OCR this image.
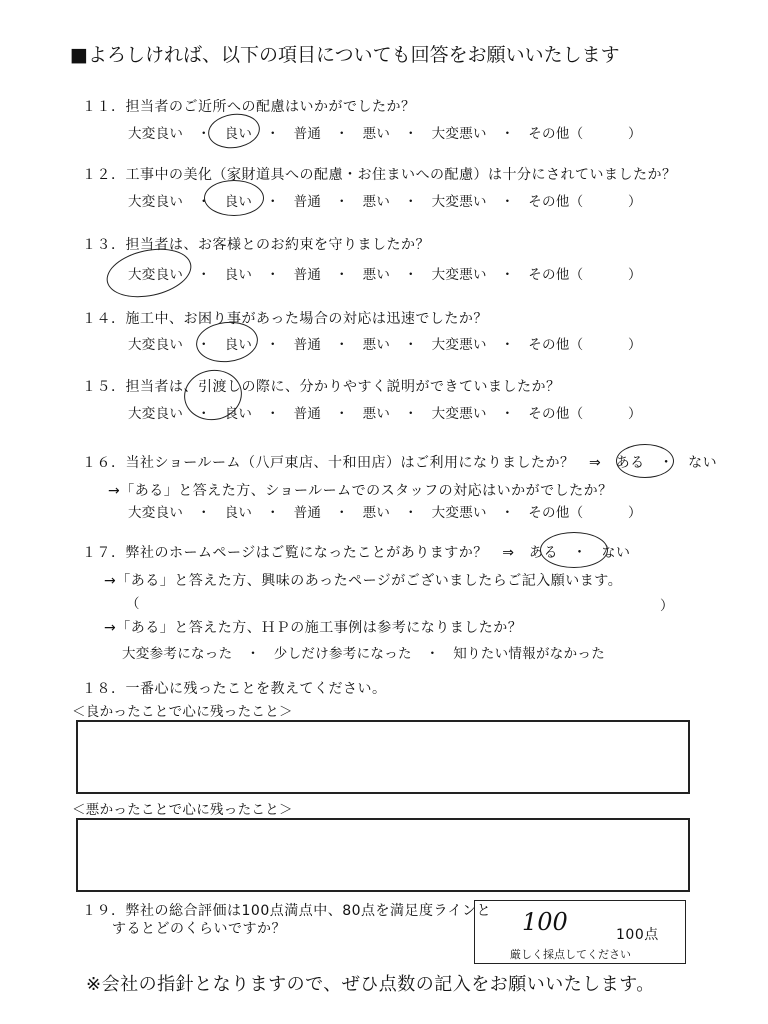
■よろしければ、以下の項目についても回答をお願いいたします
１１．担当者のご近所への配慮はいかがでしたか？
大変良い　・　良い　・　普通　・　悪い　・　大変悪い　・　その他（	）
１２．工事中の美化（家財道具への配慮・お住まいへの配慮）は十分にされていましたか？
大変良い　・　良い　・　普通　・　悪い　・　大変悪い　・　その他（	）
１３．担当者は、お客様とのお約束を守りましたか？
大変良い　・　良い　・　普通　・　悪い　・　大変悪い　・　その他（	）
１４．施工中、お困り事があった場合の対応は迅速でしたか？
大変良い　・　良い　・　普通　・　悪い　・　大変悪い　・　その他（	）
１５．担当者は、引渡しの際に、分かりやすく説明ができていましたか？
大変良い　・　良い　・　普通　・　悪い　・　大変悪い　・　その他（	）
１６．当社ショールーム（八戸東店、十和田店）はご利用になりましたか？　⇒　ある　・　ない
→「ある」と答えた方、ショールームでのスタッフの対応はいかがでしたか？
大変良い　・　良い　・　普通　・　悪い　・　大変悪い　・　その他（	）
１７．弊社のホームページはご覧になったことがありますか？　⇒　ある　・　ない
→「ある」と答えた方、興味のあったページがございましたらご記入願います。
（	）
→「ある」と答えた方、ＨＰの施工事例は参考になりましたか？
大変参考になった　・　少しだけ参考になった　・　知りたい情報がなかった
１８．一番心に残ったことを教えてください。
＜良かったことで心に残ったこと＞
＜悪かったことで心に残ったこと＞
１９．弊社の総合評価は100点満点中、80点を満足度ラインと
するとどのくらいですか？	100	100点
厳しく採点してください
※会社の指針となりますので、ぜひ点数の記入をお願いいたします。
